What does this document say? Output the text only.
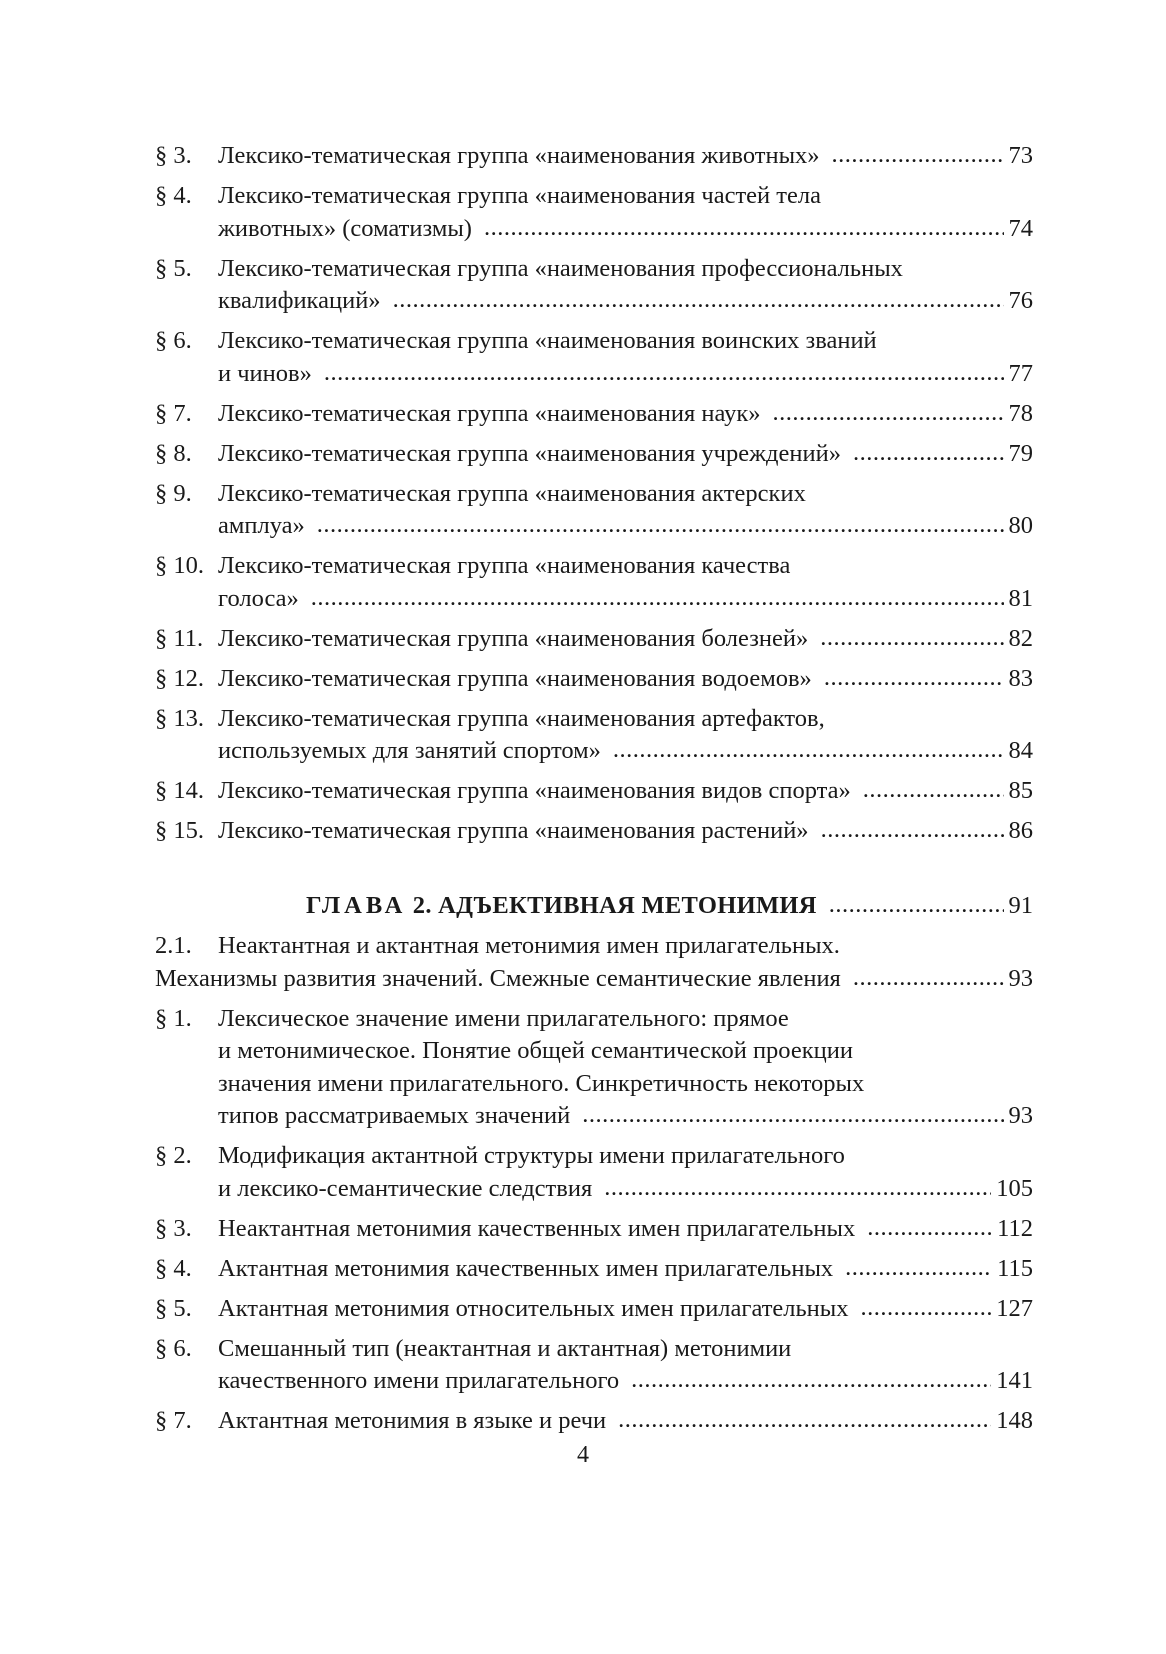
§ 3. Лексико-тематическая группа «наименования животных» .....	73
§ 4. Лексико-тематическая группа «наименования частей тела
животных» (соматизмы) .....	74
§ 5. Лексико-тематическая группа «наименования профессиональных
квалификаций» .....	76
§ 6. Лексико-тематическая группа «наименования воинских званий
и чинов» .....	77
§ 7. Лексико-тематическая группа «наименования наук» .....	78
§ 8. Лексико-тематическая группа «наименования учреждений» .....	79
§ 9. Лексико-тематическая группа «наименования актерских
амплуа» .....	80
§ 10. Лексико-тематическая группа «наименования качества
голоса» .....	81
§ 11. Лексико-тематическая группа «наименования болезней» .....	82
§ 12. Лексико-тематическая группа «наименования водоемов» .....	83
§ 13. Лексико-тематическая группа «наименования артефактов,
используемых для занятий спортом» .....	84
§ 14. Лексико-тематическая группа «наименования видов спорта» .....	85
§ 15. Лексико-тематическая группа «наименования растений» .....	86
ГЛАВА 2. АДЪЕКТИВНАЯ МЕТОНИМИЯ .....	91
2.1.	Неактантная и актантная метонимия имен прилагательных.
Механизмы развития значений. Смежные семантические явления .....	93
§ 1. Лексическое значение имени прилагательного: прямое
и метонимическое. Понятие общей семантической проекции
значения имени прилагательного. Синкретичность некоторых
типов рассматриваемых значений .....	93
§ 2. Модификация актантной структуры имени прилагательного
и лексико-семантические следствия .....	105
§ 3. Неактантная метонимия качественных имен прилагательных .....	112
§ 4. Актантная метонимия качественных имен прилагательных .....	115
§ 5. Актантная метонимия относительных имен прилагательных .....	127
§ 6. Смешанный тип (неактантная и актантная) метонимии
качественного имени прилагательного .....	141
§ 7. Актантная метонимия в языке и речи .....	148
4
